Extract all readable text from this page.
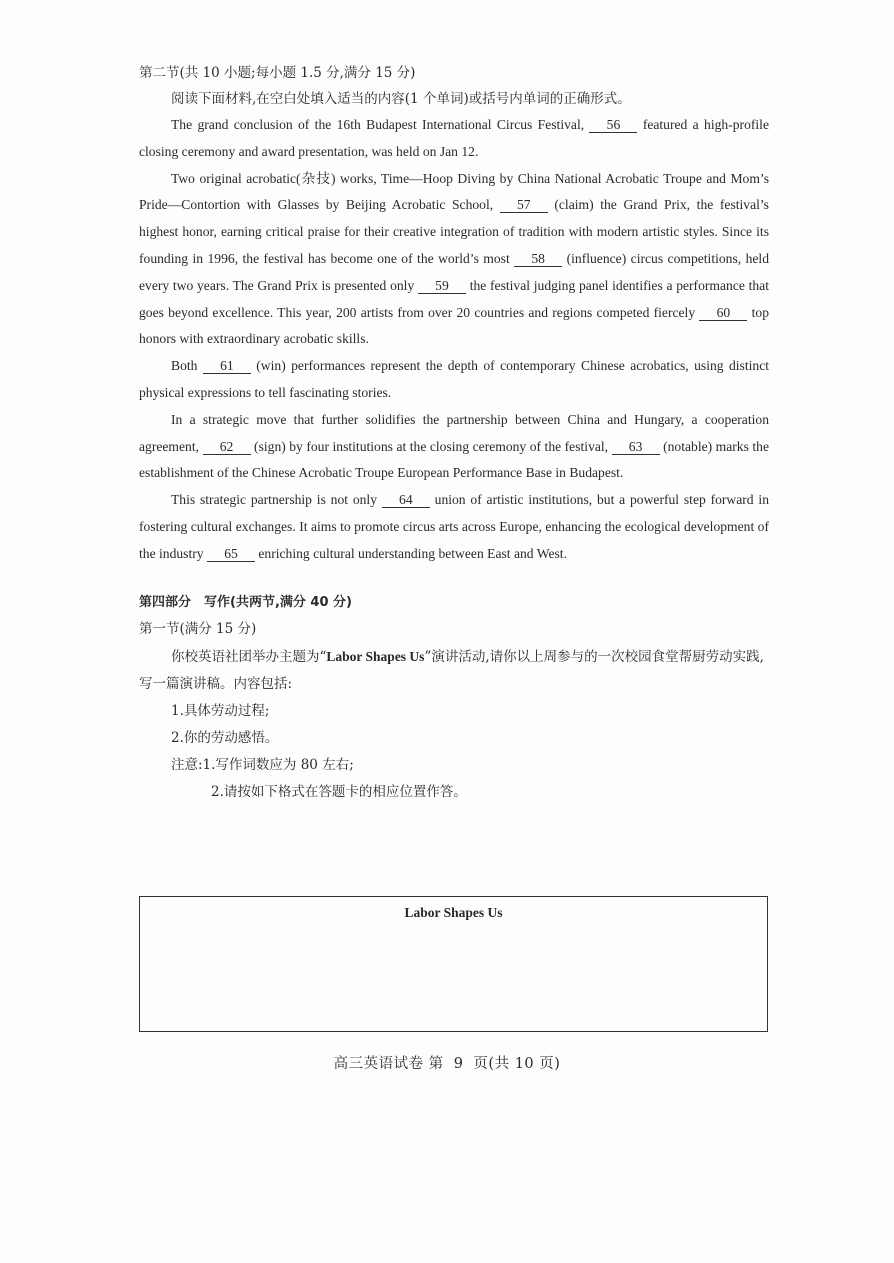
第二节(共 10 小题;每小题 1.5 分,满分 15 分)

阅读下面材料,在空白处填入适当的内容(1 个单词)或括号内单词的正确形式。

The grand conclusion of the 16th Budapest International Circus Festival, 56 featured a high-profile closing ceremony and award presentation, was held on Jan 12.

Two original acrobatic(杂技) works, Time—Hoop Diving by China National Acrobatic Troupe and Mom’s Pride—Contortion with Glasses by Beijing Acrobatic School, 57 (claim) the Grand Prix, the festival’s highest honor, earning critical praise for their creative integration of tradition with modern artistic styles. Since its founding in 1996, the festival has become one of the world’s most 58 (influence) circus competitions, held every two years. The Grand Prix is presented only 59 the festival judging panel identifies a performance that goes beyond excellence. This year, 200 artists from over 20 countries and regions competed fiercely 60 top honors with extraordinary acrobatic skills.

Both 61 (win) performances represent the depth of contemporary Chinese acrobatics, using distinct physical expressions to tell fascinating stories.

In a strategic move that further solidifies the partnership between China and Hungary, a cooperation agreement, 62 (sign) by four institutions at the closing ceremony of the festival, 63 (notable) marks the establishment of the Chinese Acrobatic Troupe European Performance Base in Budapest.

This strategic partnership is not only 64 union of artistic institutions, but a powerful step forward in fostering cultural exchanges. It aims to promote circus arts across Europe, enhancing the ecological development of the industry 65 enriching cultural understanding between East and West.

第四部分　写作(共两节,满分 40 分)

第一节(满分 15 分)

你校英语社团举办主题为“Labor Shapes Us”演讲活动,请你以上周参与的一次校园食堂帮厨劳动实践,写一篇演讲稿。内容包括:

1.具体劳动过程;

2.你的劳动感悟。

注意:1.写作词数应为 80 左右;

2.请按如下格式在答题卡的相应位置作答。

Labor Shapes Us
高三英语试卷 第 9 页(共 10 页)
